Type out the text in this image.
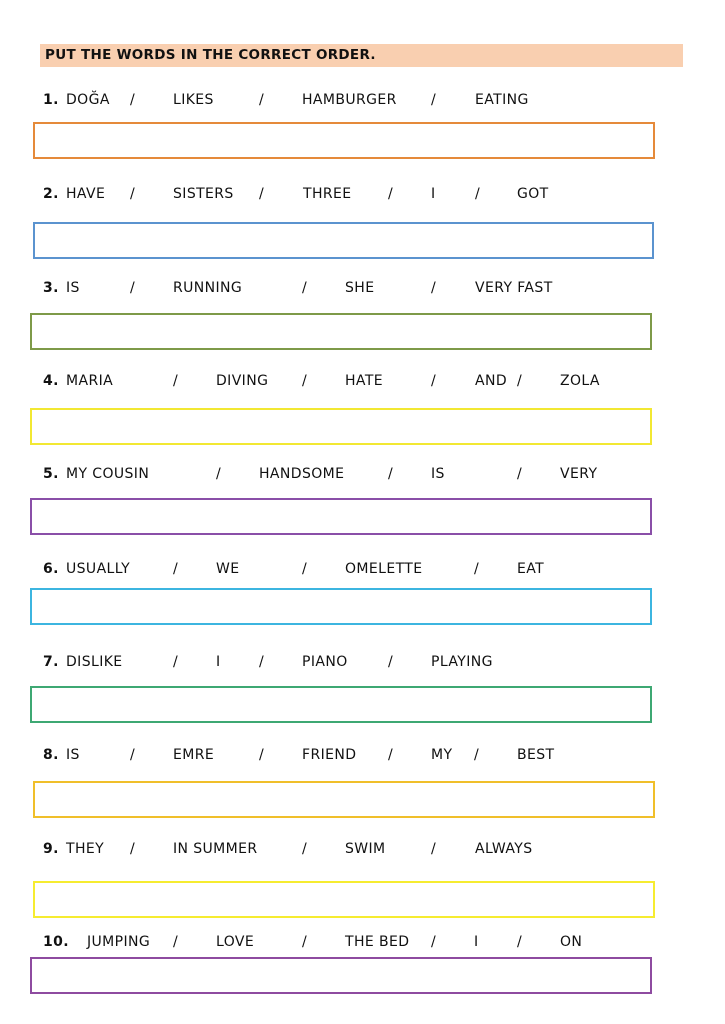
PUT THE WORDS IN THE CORRECT ORDER.
1. DOĞA /	LIKES	/	HAMBURGER /	EATING
2. HAVE /	SISTERS /	THREE	/	I	/	GOT
3. IS	/	RUNNING	/	SHE	/	VERY FAST
4. MARIA	/	DIVING /	HATE	/	AND /	ZOLA
5. MY COUSIN	/	HANDSOME	/	IS	/	VERY
6. USUALLY	/	WE	/	OMELETTE	/	EAT
7. DISLIKE	/	I	/	PIANO	/	PLAYING
8. IS	/	EMRE	/	FRIEND /	MY /	BEST
9. THEY /	IN SUMMER	/	SWIM	/	ALWAYS
10. JUMPING /	LOVE	/	THE BED /	I	/	ON
